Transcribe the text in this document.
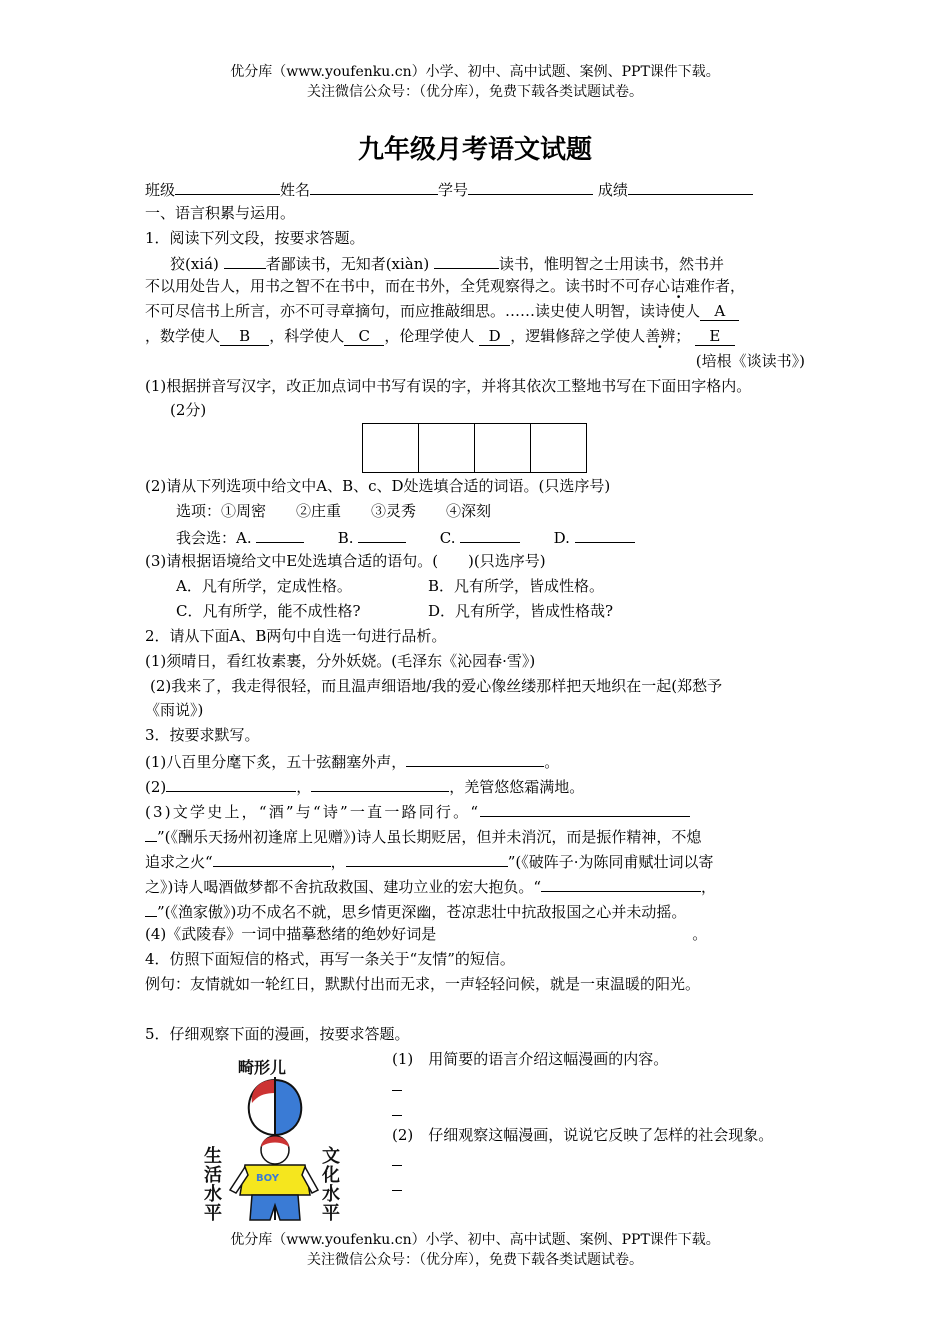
优分库（www.youfenku.cn）小学、初中、高中试题、案例、PPT课件下载。
关注微信公众号：（优分库），免费下载各类试题试卷。
九年级月考语文试题
班级	姓名	学号	成绩
一、语言积累与运用。
1．阅读下列文段，按要求答题。
狡(xiá)	者鄙读书，无知者(xiàn)	读书，惟明智之士用读书，然书并
不以用处告人，用书之智不在书中，而在书外，全凭观察得之。读书时不可存心诘难作者，
不可尽信书上所言，亦不可寻章摘句，而应推敲细思。……读史使人明智，读诗使人 A
，数学使人 B ，科学使人 C ，伦理学使人 D ，逻辑修辞之学使人善辨； E
(培根《谈读书》)
(1)根据拼音写汉字，改正加点词中书写有误的字，并将其依次工整地书写在下面田字格内。
(2分)
(2)请从下列选项中给文中A、B、c、D处选填合适的词语。(只选序号)
选项：①周密　　②庄重　　③灵秀　　④深刻
我会选：A.	B.	C.	D.
(3)请根据语境给文中E处选填合适的语句。(　　)(只选序号)
A．凡有所学，定成性格。	B．凡有所学，皆成性格。
C．凡有所学，能不成性格?	D．凡有所学，皆成性格哉?
2．请从下面A、B两句中自选一句进行品析。
(1)须晴日，看红妆素裹，分外妖娆。(毛泽东《沁园春·雪》)
(2)我来了，我走得很轻，而且温声细语地/我的爱心像丝缕那样把天地织在一起(郑愁予
《雨说》)
3．按要求默写。
(1)八百里分麾下炙，五十弦翻塞外声，	。
(2)	，	，羌管悠悠霜满地。
(3)文学史上，“酒”与“诗”一直一路同行。“
”(《酬乐天扬州初逢席上见赠》)诗人虽长期贬居，但并未消沉，而是振作精神，不熄
追求之火“	，	”(《破阵子·为陈同甫赋壮词以寄
之》)诗人喝酒做梦都不舍抗敌救国、建功立业的宏大抱负。“	，
”(《渔家傲》)功不成名不就，思乡情更深幽，苍凉悲壮中抗敌报国之心并未动摇。
(4)《武陵春》一词中描摹愁绪的绝妙好词是	。
4．仿照下面短信的格式，再写一条关于“友情”的短信。
例句：友情就如一轮红日，默默付出而无求，一声轻轻问候，就是一束温暖的阳光。
5．仔细观察下面的漫画，按要求答题。
(1)　用简要的语言介绍这幅漫画的内容。
(2)　仔细观察这幅漫画，说说它反映了怎样的社会现象。
畸形儿
BOY
生活水平
文化水平
优分库（www.youfenku.cn）小学、初中、高中试题、案例、PPT课件下载。
关注微信公众号：（优分库），免费下载各类试题试卷。
